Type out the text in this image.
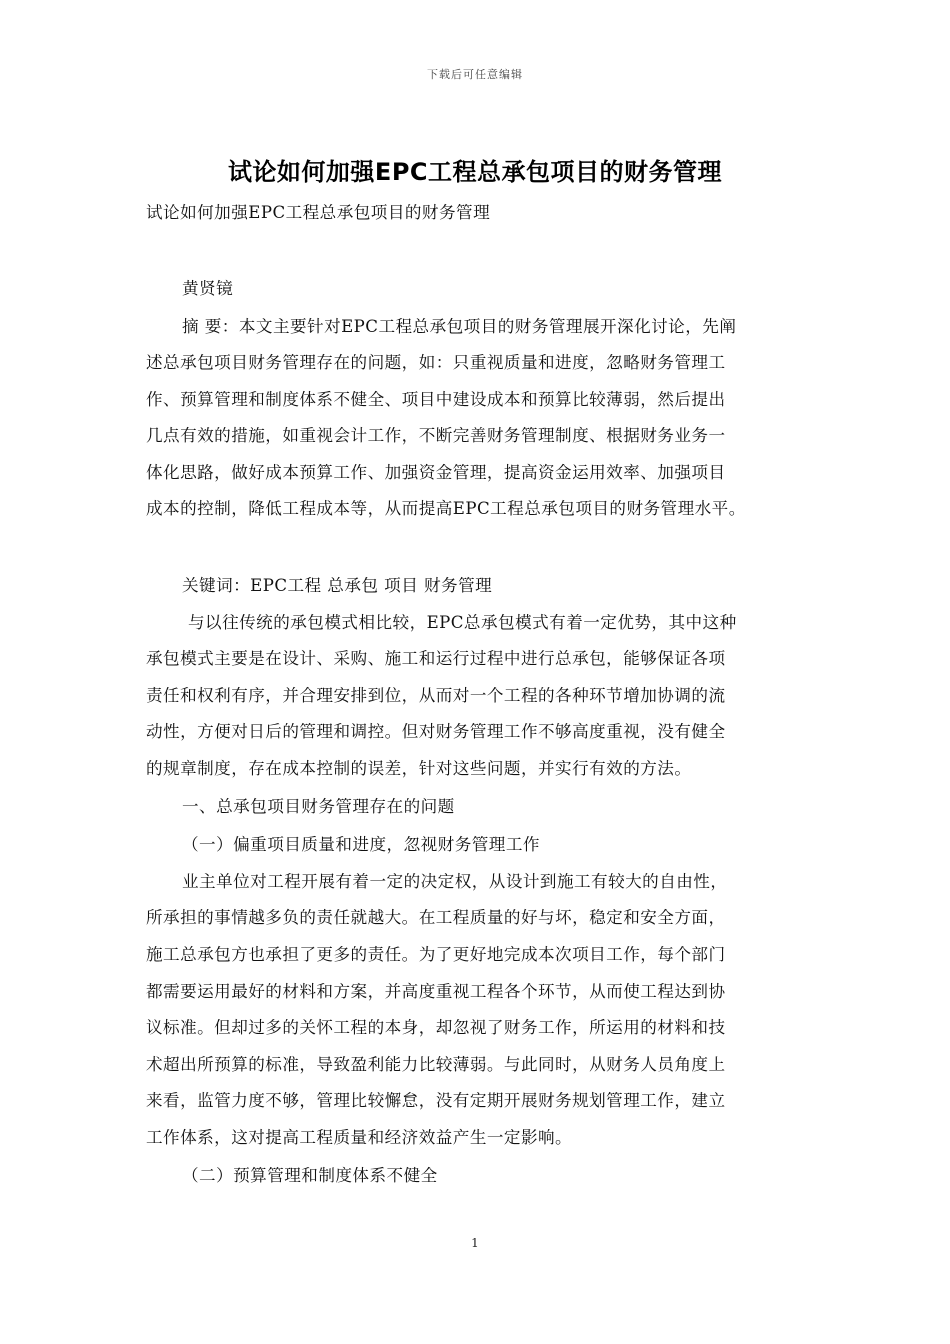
下载后可任意编辑
试论如何加强EPC工程总承包项目的财务管理
试论如何加强EPC工程总承包项目的财务管理
黄贤镜
摘 要：本文主要针对EPC工程总承包项目的财务管理展开深化讨论，先阐
述总承包项目财务管理存在的问题，如：只重视质量和进度，忽略财务管理工
作、预算管理和制度体系不健全、项目中建设成本和预算比较薄弱，然后提出
几点有效的措施，如重视会计工作，不断完善财务管理制度、根据财务业务一
体化思路，做好成本预算工作、加强资金管理，提高资金运用效率、加强项目
成本的控制，降低工程成本等，从而提高EPC工程总承包项目的财务管理水平。
关键词：EPC工程 总承包 项目 财务管理
与以往传统的承包模式相比较，EPC总承包模式有着一定优势，其中这种
承包模式主要是在设计、采购、施工和运行过程中进行总承包，能够保证各项
责任和权利有序，并合理安排到位，从而对一个工程的各种环节增加协调的流
动性，方便对日后的管理和调控。但对财务管理工作不够高度重视，没有健全
的规章制度，存在成本控制的误差，针对这些问题，并实行有效的方法。
一、总承包项目财务管理存在的问题
（一）偏重项目质量和进度，忽视财务管理工作
业主单位对工程开展有着一定的决定权，从设计到施工有较大的自由性，
所承担的事情越多负的责任就越大。在工程质量的好与坏，稳定和安全方面，
施工总承包方也承担了更多的责任。为了更好地完成本次项目工作，每个部门
都需要运用最好的材料和方案，并高度重视工程各个环节，从而使工程达到协
议标准。但却过多的关怀工程的本身，却忽视了财务工作，所运用的材料和技
术超出所预算的标准，导致盈利能力比较薄弱。与此同时，从财务人员角度上
来看，监管力度不够，管理比较懈怠，没有定期开展财务规划管理工作，建立
工作体系，这对提高工程质量和经济效益产生一定影响。
（二）预算管理和制度体系不健全
1
